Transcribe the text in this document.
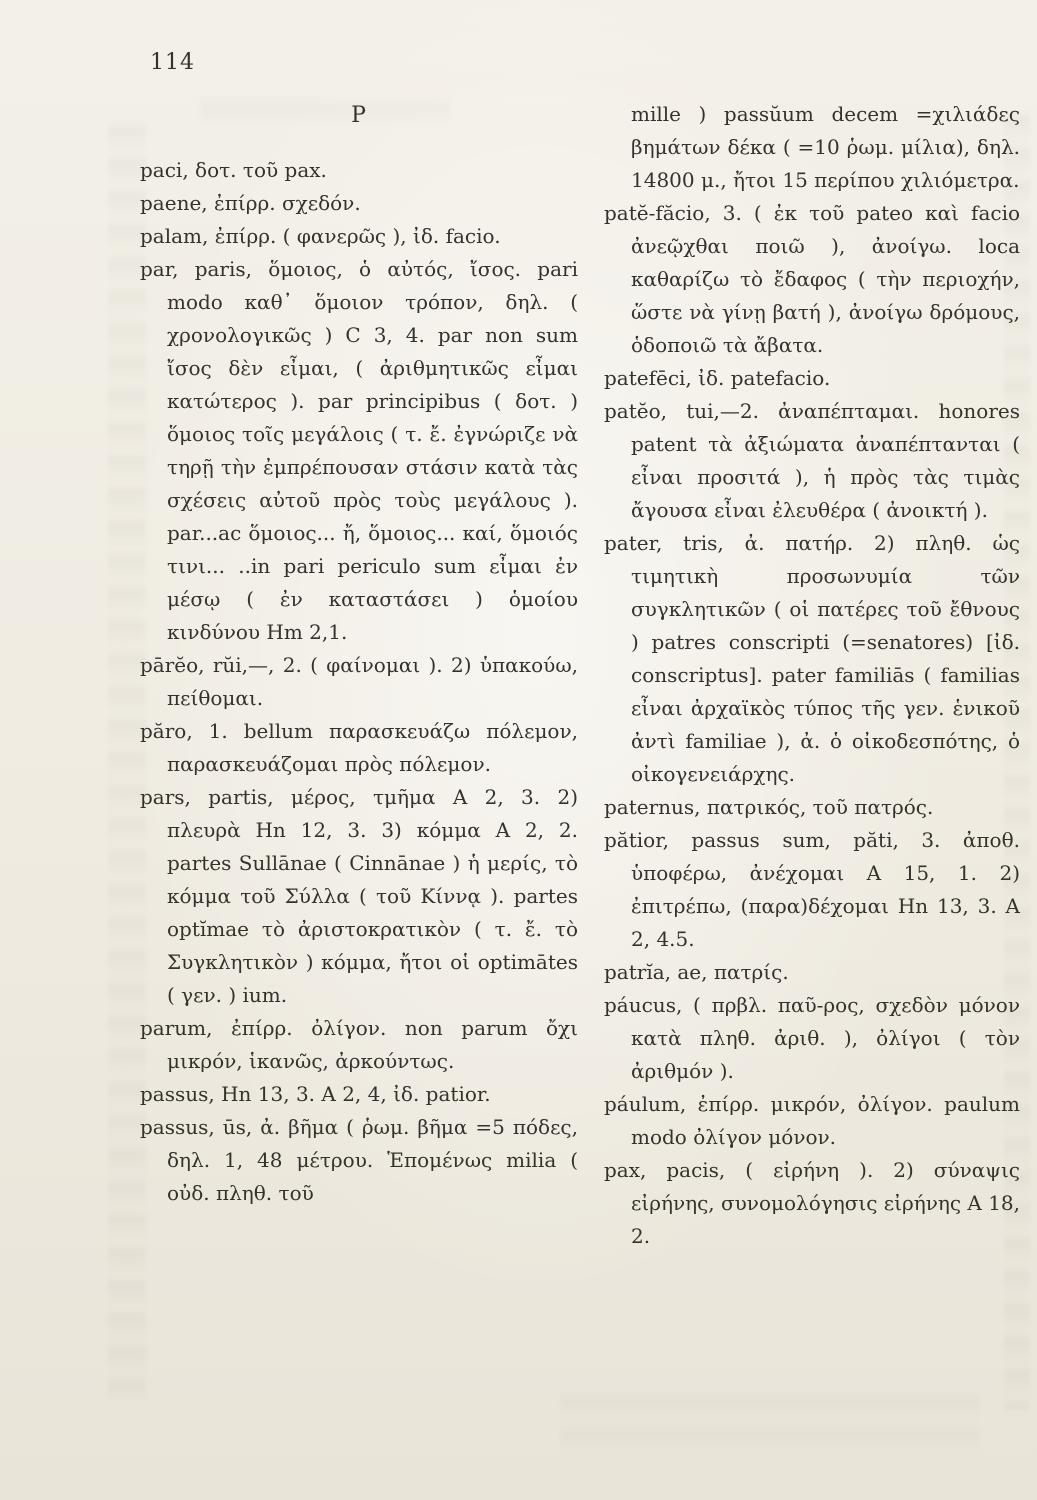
114
P

paci, δοτ. τοῦ pax.

paene, ἐπίρρ. σχεδόν.

palam, ἐπίρρ. ( φανερῶς ), ἰδ. facio.

par, paris, ὅμοιος, ὁ αὐτός, ἴσος. pari modo καθ᾽ ὅμοιον τρόπον, δηλ. ( χρονολογικῶς ) C 3, 4. par non sum ἴσος δὲν εἶμαι, ( ἀριθμητικῶς εἶμαι κατώτερος ). par principibus ( δοτ. ) ὅμοιος τοῖς μεγάλοις ( τ. ἔ. ἐγνώριζε νὰ τηρῇ τὴν ἐμπρέπουσαν στάσιν κατὰ τὰς σχέσεις αὐτοῦ πρὸς τοὺς μεγάλους ). par...ac ὅμοιος... ἤ, ὅμοιος... καί, ὅμοιός τινι... ..in pari periculo sum εἶμαι ἐν μέσῳ ( ἐν καταστάσει ) ὁμοίου κινδύνου Hm 2,1.

pārĕo, rŭi,—, 2. ( φαίνομαι ). 2) ὑπακούω, πείθομαι.

păro, 1. bellum παρασκευάζω πόλεμον, παρασκευάζομαι πρὸς πόλεμον.

pars, partis, μέρος, τμῆμα A 2, 3. 2) πλευρὰ Hn 12, 3. 3) κόμμα A 2, 2. partes Sullānae ( Cinnānae ) ἡ μερίς, τὸ κόμμα τοῦ Σύλλα ( τοῦ Κίννᾳ ). partes optĭmae τὸ ἀριστοκρατικὸν ( τ. ἔ. τὸ Συγκλητικὸν ) κόμμα, ἤτοι οἱ optimātes ( γεν. ) ium.

parum, ἐπίρρ. ὀλίγον. non parum ὄχι μικρόν, ἱκανῶς, ἀρκούντως.

passus, Hn 13, 3. A 2, 4, ἰδ. patior.

passus, ūs, ἀ. βῆμα ( ῥωμ. βῆμα =5 πόδες, δηλ. 1, 48 μέτρου. Ἑπομένως milia ( οὐδ. πληθ. τοῦ

mille ) passŭum decem =χιλιάδες βημάτων δέκα ( =10 ῥωμ. μίλια), δηλ. 14800 μ., ἤτοι 15 περίπου χιλιόμετρα.

patĕ-făcio, 3. ( ἐκ τοῦ pateo καὶ facio ἀνεῷχθαι ποιῶ ), ἀνοίγω. loca καθαρίζω τὸ ἔδαφος ( τὴν περιοχήν, ὥστε νὰ γίνῃ βατή ), ἀνοίγω δρόμους, ὁδοποιῶ τὰ ἄβατα.

patefēci, ἰδ. patefacio.

patĕo, tui,—2. ἀναπέπταμαι. honores patent τὰ ἀξιώματα ἀναπέπτανται ( εἶναι προσιτά ), ἡ πρὸς τὰς τιμὰς ἄγουσα εἶναι ἐλευθέρα ( ἀνοικτή ).

pater, tris, ἀ. πατήρ. 2) πληθ. ὡς τιμητικὴ προσωνυμία τῶν συγκλητικῶν ( οἱ πατέρες τοῦ ἔθνους ) patres conscripti (=senatores) [ἰδ. conscriptus]. pater familiās ( familias εἶναι ἀρχαϊκὸς τύπος τῆς γεν. ἑνικοῦ ἀντὶ familiae ), ἀ. ὁ οἰκοδεσπότης, ὁ οἰκογενειάρχης.

paternus, πατρικός, τοῦ πατρός.

pătior, passus sum, păti, 3. ἀποθ. ὑποφέρω, ἀνέχομαι A 15, 1. 2) ἐπιτρέπω, (παρα)δέχομαι Hn 13, 3. A 2, 4.5.

patrĭa, ae, πατρίς.

páucus, ( πρβλ. παῦ-ρος, σχεδὸν μόνον κατὰ πληθ. ἀριθ. ), ὀλίγοι ( τὸν ἀριθμόν ).

páulum, ἐπίρρ. μικρόν, ὀλίγον. paulum modo ὀλίγον μόνον.

pax, pacis, ( εἰρήνη ). 2) σύναψις εἰρήνης, συνομολόγησις εἰρήνης A 18, 2.
